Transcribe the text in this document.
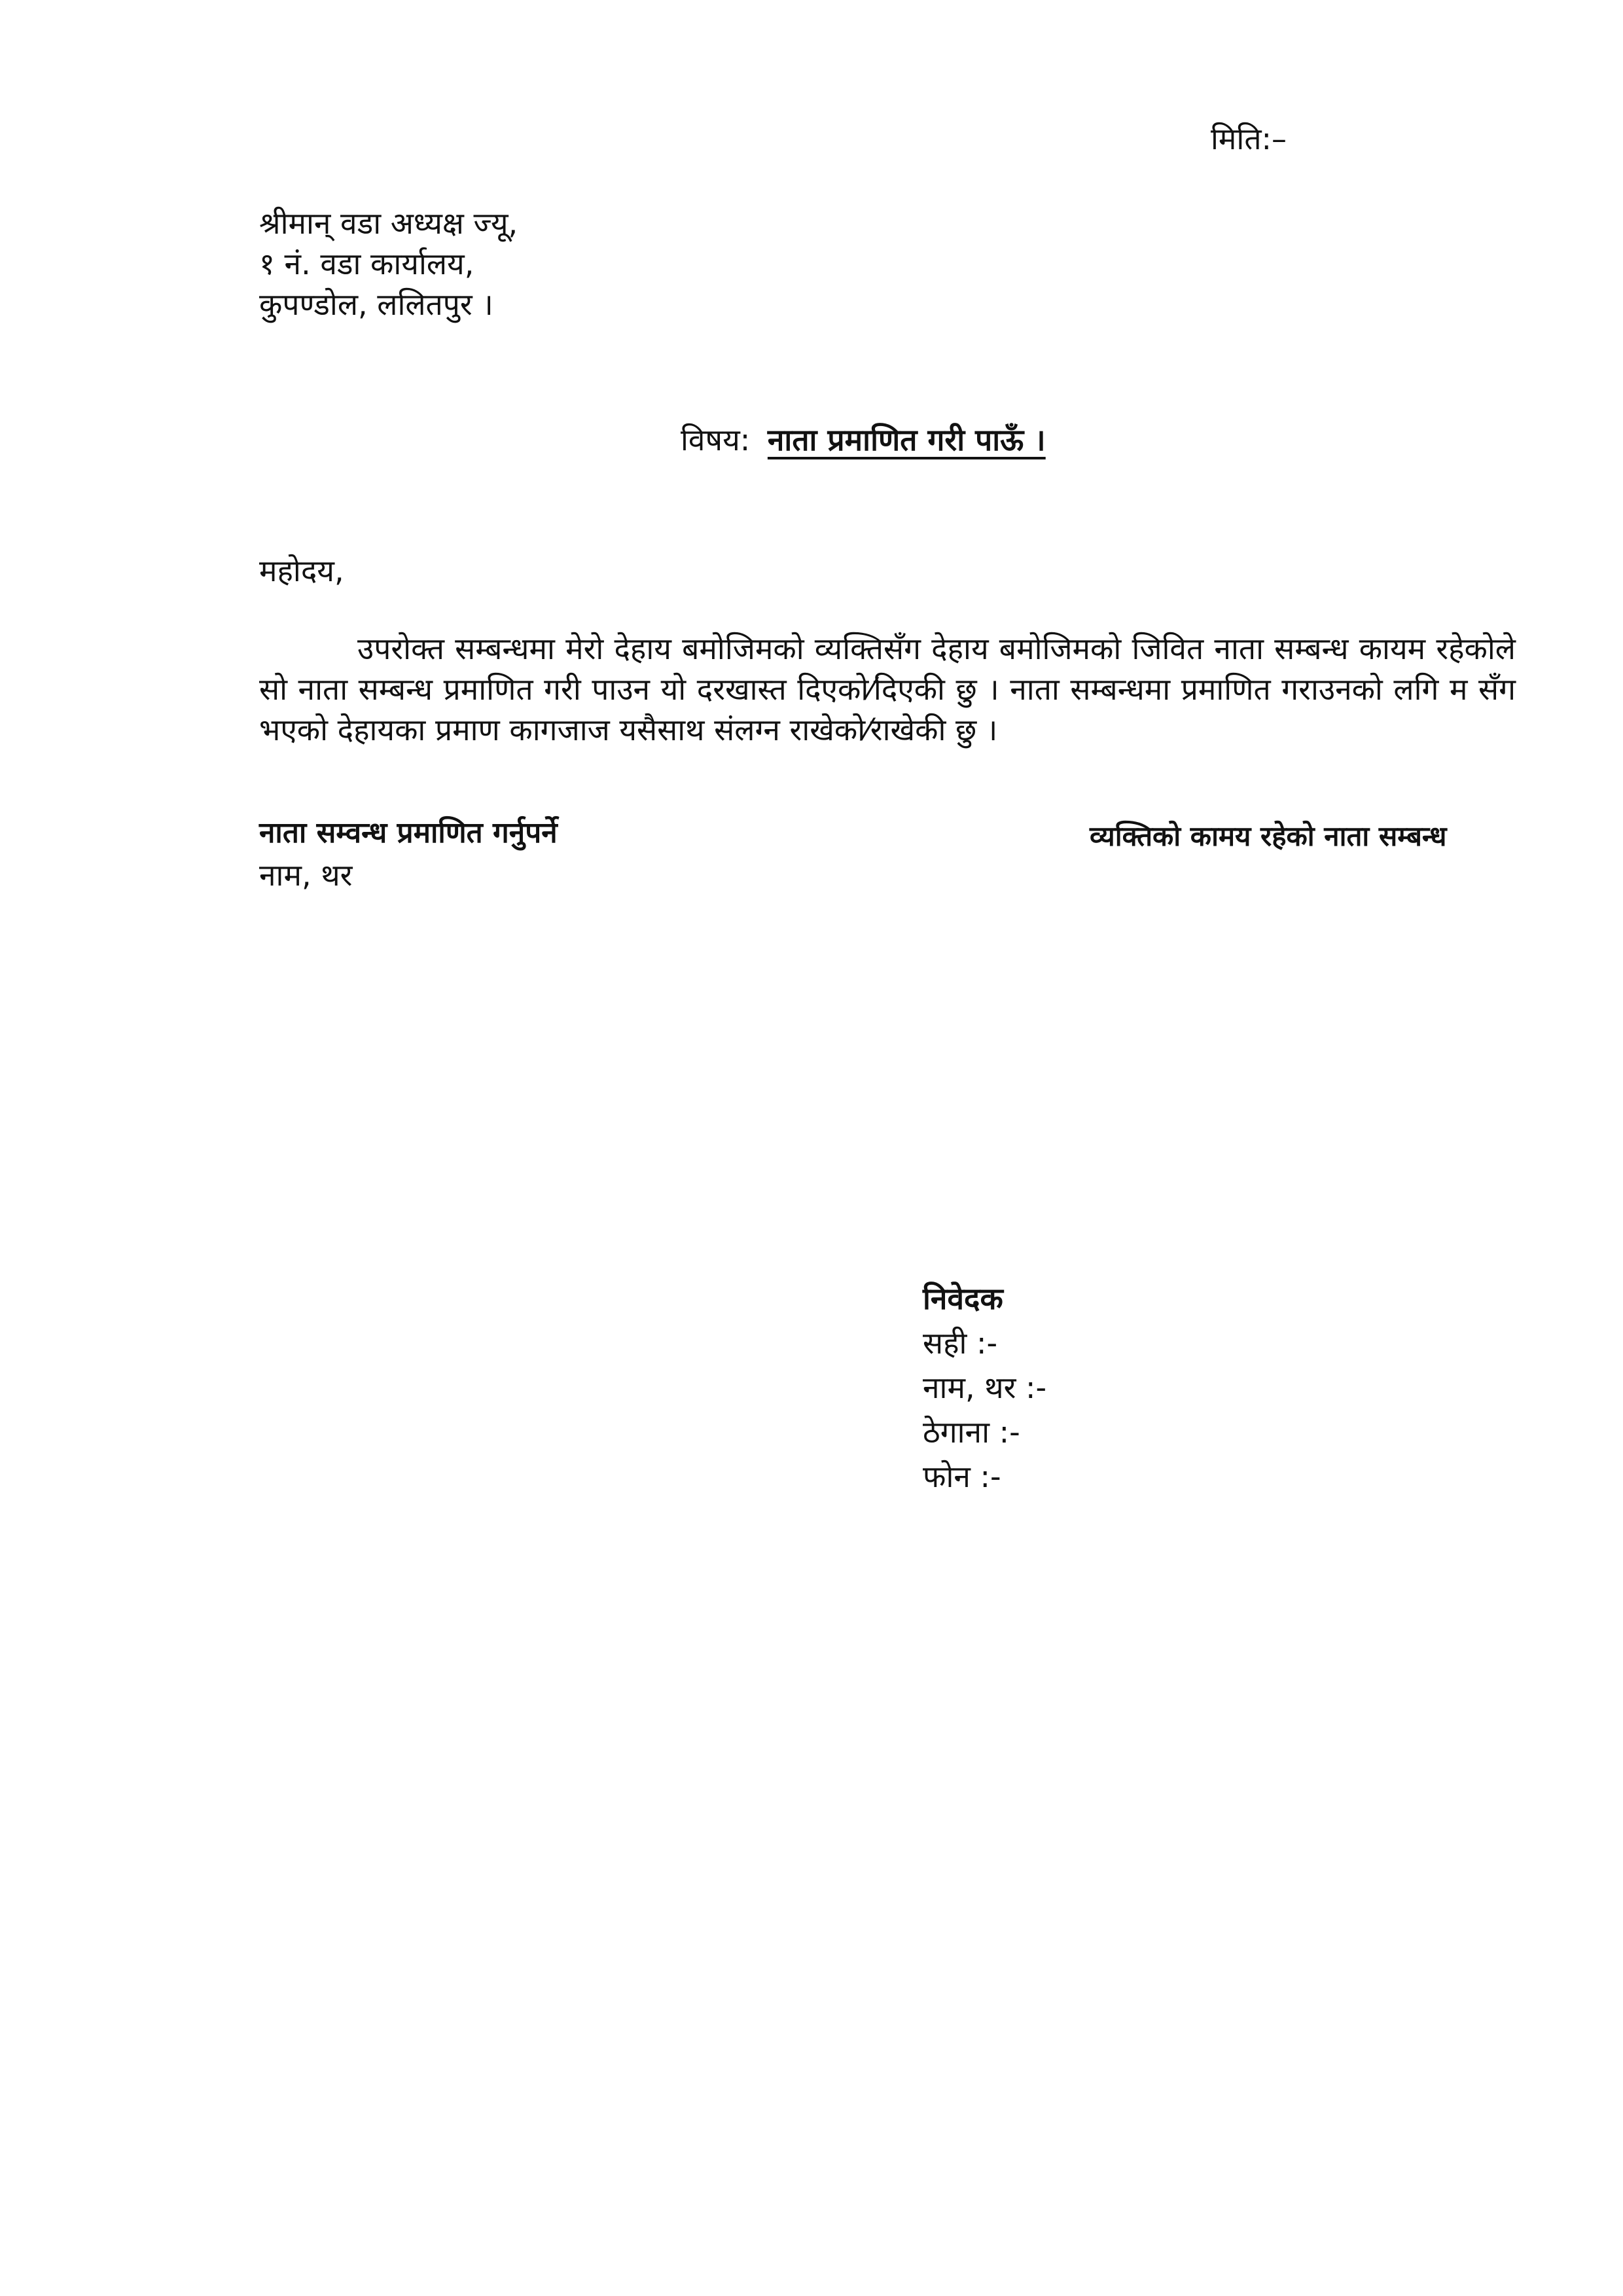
मिति:–
श्रीमान् वडा अध्यक्ष ज्यू,
१ नं. वडा कार्यालय,
कुपण्डोल, ललितपुर ।
विषय: नाता प्रमाणित गरी पाऊँ ।
महोदय,
उपरोक्त सम्बन्धमा मेरो देहाय बमोजिमको व्यक्तिसँग देहाय बमोजिमको जिवित नाता सम्बन्ध कायम रहेकोले सो नाता सम्बन्ध प्रमाणित गरी पाउन यो दरखास्त दिएको⁄दिएकी छु । नाता सम्बन्धमा प्रमाणित गराउनको लगि म सँग भएको देहायका प्रमाण कागजाज यसैसाथ संलग्न राखेको⁄राखेकी छु ।
नाता सम्वन्ध प्रमाणित गर्नुपर्ने
नाम, थर
व्यक्तिको कामय रहेको नाता सम्बन्ध
निवेदक
सही :-
नाम, थर :-
ठेगाना :-
फोन :-
